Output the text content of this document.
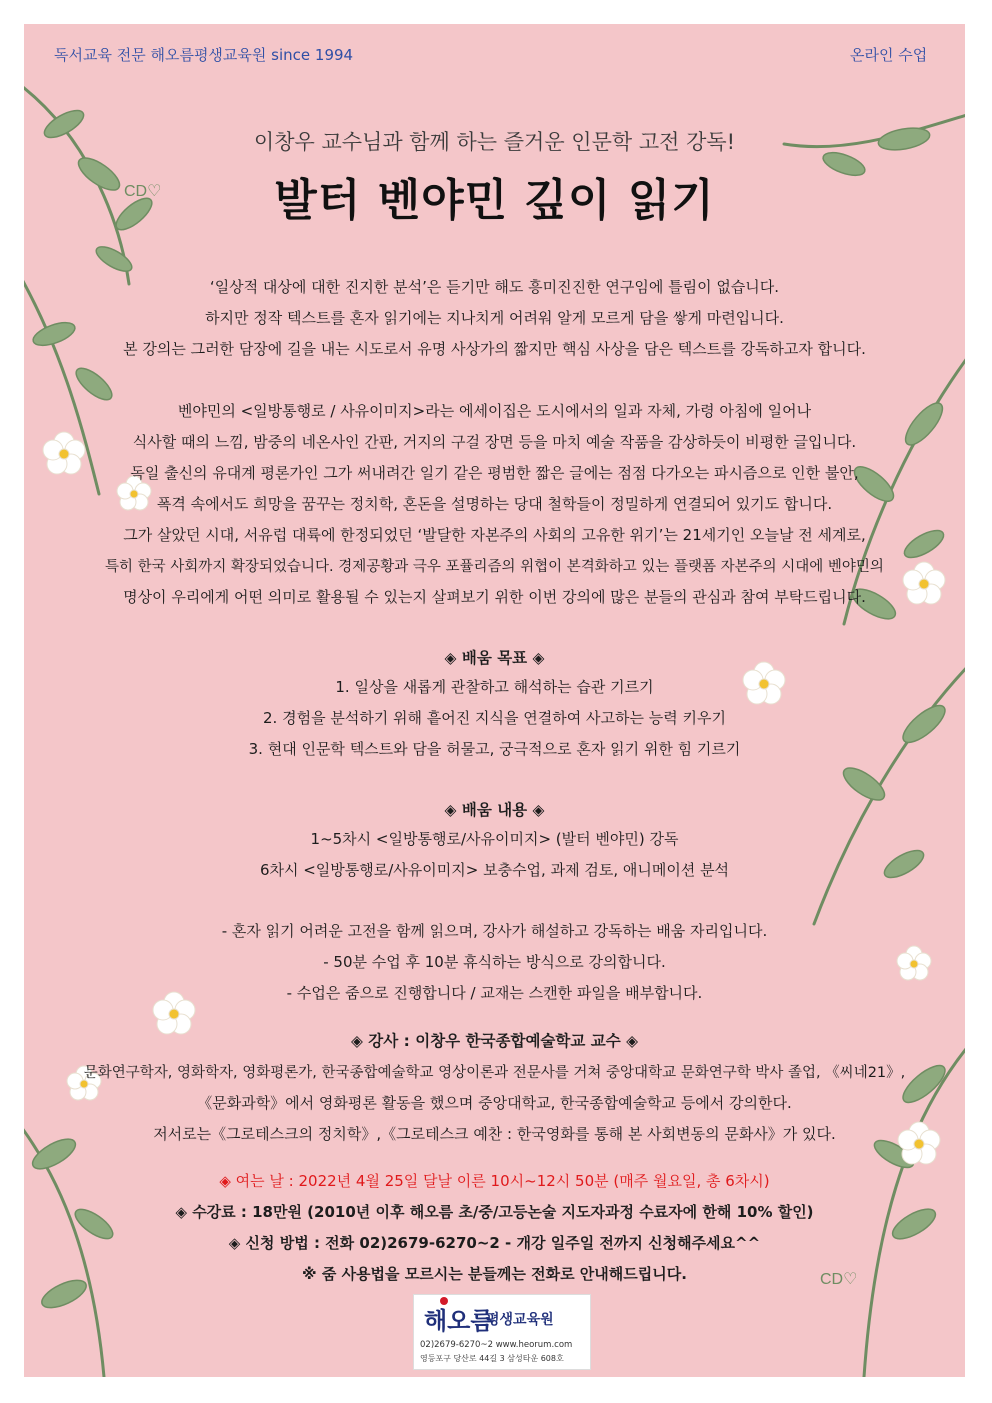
CD♡
CD♡
독서교육 전문 해오름평생교육원 since 1994	온라인 수업
이창우 교수님과 함께 하는 즐거운 인문학 고전 강독!
발터 벤야민 깊이 읽기
‘일상적 대상에 대한 진지한 분석’은 듣기만 해도 흥미진진한 연구임에 틀림이 없습니다.
하지만 정작 텍스트를 혼자 읽기에는 지나치게 어려워 알게 모르게 담을 쌓게 마련입니다.
본 강의는 그러한 담장에 길을 내는 시도로서 유명 사상가의 짧지만 핵심 사상을 담은 텍스트를 강독하고자 합니다.
벤야민의 <일방통행로 / 사유이미지>라는 에세이집은 도시에서의 일과 자체, 가령 아침에 일어나
식사할 때의 느낌, 밤중의 네온사인 간판, 거지의 구걸 장면 등을 마치 예술 작품을 감상하듯이 비평한 글입니다.
독일 출신의 유대계 평론가인 그가 써내려간 일기 같은 평범한 짧은 글에는 점점 다가오는 파시즘으로 인한 불안,
폭격 속에서도 희망을 꿈꾸는 정치학, 혼돈을 설명하는 당대 철학들이 정밀하게 연결되어 있기도 합니다.
그가 살았던 시대, 서유럽 대륙에 한정되었던 ‘발달한 자본주의 사회의 고유한 위기’는 21세기인 오늘날 전 세계로,
특히 한국 사회까지 확장되었습니다. 경제공황과 극우 포퓰리즘의 위협이 본격화하고 있는 플랫폼 자본주의 시대에 벤야민의
명상이 우리에게 어떤 의미로 활용될 수 있는지 살펴보기 위한 이번 강의에 많은 분들의 관심과 참여 부탁드립니다.
◈ 배움 목표 ◈
1. 일상을 새롭게 관찰하고 해석하는 습관 기르기
2. 경험을 분석하기 위해 흩어진 지식을 연결하여 사고하는 능력 키우기
3. 현대 인문학 텍스트와 담을 허물고, 궁극적으로 혼자 읽기 위한 힘 기르기
◈ 배움 내용 ◈
1~5차시 <일방통행로/사유이미지> (발터 벤야민) 강독
6차시 <일방통행로/사유이미지> 보충수업, 과제 검토, 애니메이션 분석
- 혼자 읽기 어려운 고전을 함께 읽으며, 강사가 해설하고 강독하는 배움 자리입니다.
- 50분 수업 후 10분 휴식하는 방식으로 강의합니다.
- 수업은 줌으로 진행합니다 / 교재는 스캔한 파일을 배부합니다.
◈ 강사 : 이창우 한국종합예술학교 교수 ◈
문화연구학자, 영화학자, 영화평론가, 한국종합예술학교 영상이론과 전문사를 거쳐 중앙대학교 문화연구학 박사 졸업, 《씨네21》,
《문화과학》에서 영화평론 활동을 했으며 중앙대학교, 한국종합예술학교 등에서 강의한다.
저서로는《그로테스크의 정치학》,《그로테스크 예찬 : 한국영화를 통해 본 사회변동의 문화사》가 있다.
◈ 여는 날 : 2022년 4월 25일 달날 이른 10시~12시 50분 (매주 월요일, 총 6차시)
◈ 수강료 : 18만원 (2010년 이후 해오름 초/중/고등논술 지도자과정 수료자에 한해 10% 할인)
◈ 신청 방법 : 전화 02)2679-6270~2 - 개강 일주일 전까지 신청해주세요^^
※ 줌 사용법을 모르시는 분들께는 전화로 안내해드립니다.
해오름
평생교육원
02)2679-6270~2 www.heorum.com
영등포구 당산로 44길 3 삼성타운 608호
